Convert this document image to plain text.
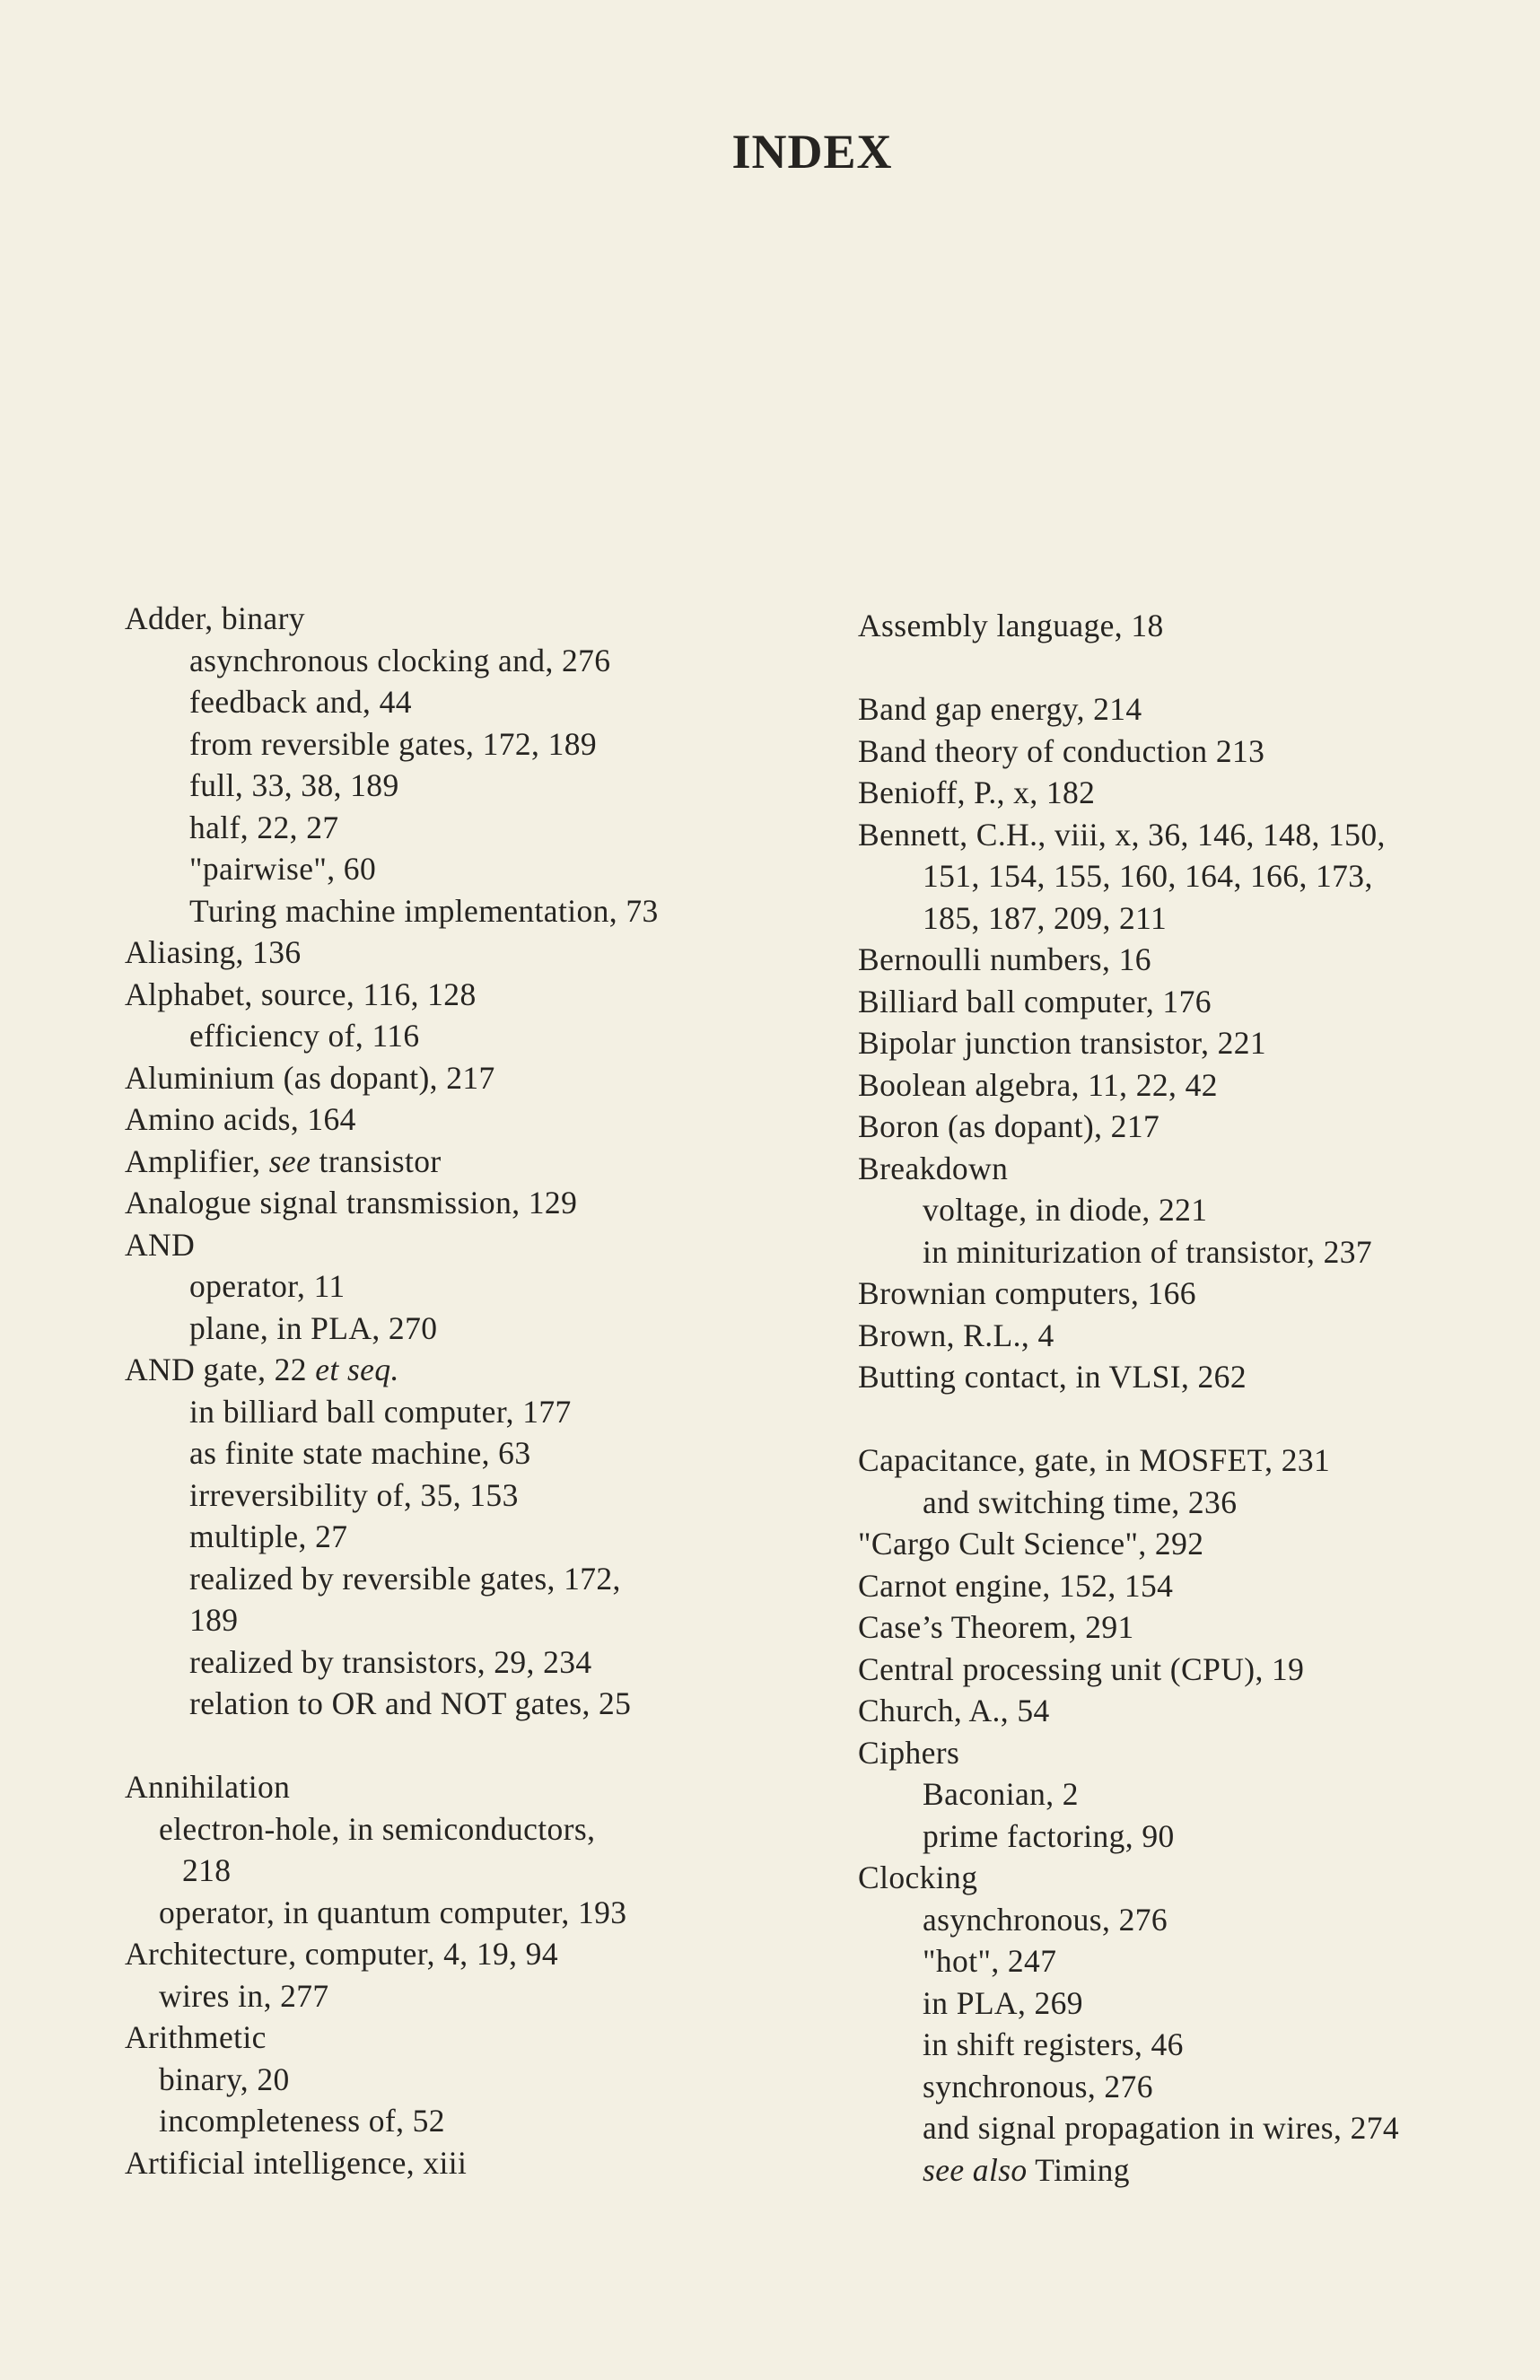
INDEX
Adder, binary
asynchronous clocking and, 276
feedback and, 44
from reversible gates, 172, 189
full, 33, 38, 189
half, 22, 27
"pairwise", 60
Turing machine implementation, 73
Aliasing, 136
Alphabet, source, 116, 128
efficiency of, 116
Aluminium (as dopant), 217
Amino acids, 164
Amplifier, see transistor
Analogue signal transmission, 129
AND
operator, 11
plane, in PLA, 270
AND gate, 22 et seq.
in billiard ball computer, 177
as finite state machine, 63
irreversibility of, 35, 153
multiple, 27
realized by reversible gates, 172,
189
realized by transistors, 29, 234
relation to OR and NOT gates, 25
Annihilation
electron-hole, in semiconductors,
218
operator, in quantum computer, 193
Architecture, computer, 4, 19, 94
wires in, 277
Arithmetic
binary, 20
incompleteness of, 52
Artificial intelligence, xiii
Assembly language, 18
Band gap energy, 214
Band theory of conduction 213
Benioff, P., x, 182
Bennett, C.H., viii, x, 36, 146, 148, 150,
151, 154, 155, 160, 164, 166, 173,
185, 187, 209, 211
Bernoulli numbers, 16
Billiard ball computer, 176
Bipolar junction transistor, 221
Boolean algebra, 11, 22, 42
Boron (as dopant), 217
Breakdown
voltage, in diode, 221
in miniturization of transistor, 237
Brownian computers, 166
Brown, R.L., 4
Butting contact, in VLSI, 262
Capacitance, gate, in MOSFET, 231
and switching time, 236
"Cargo Cult Science", 292
Carnot engine, 152, 154
Case’s Theorem, 291
Central processing unit (CPU), 19
Church, A., 54
Ciphers
Baconian, 2
prime factoring, 90
Clocking
asynchronous, 276
"hot", 247
in PLA, 269
in shift registers, 46
synchronous, 276
and signal propagation in wires, 274
see also Timing
